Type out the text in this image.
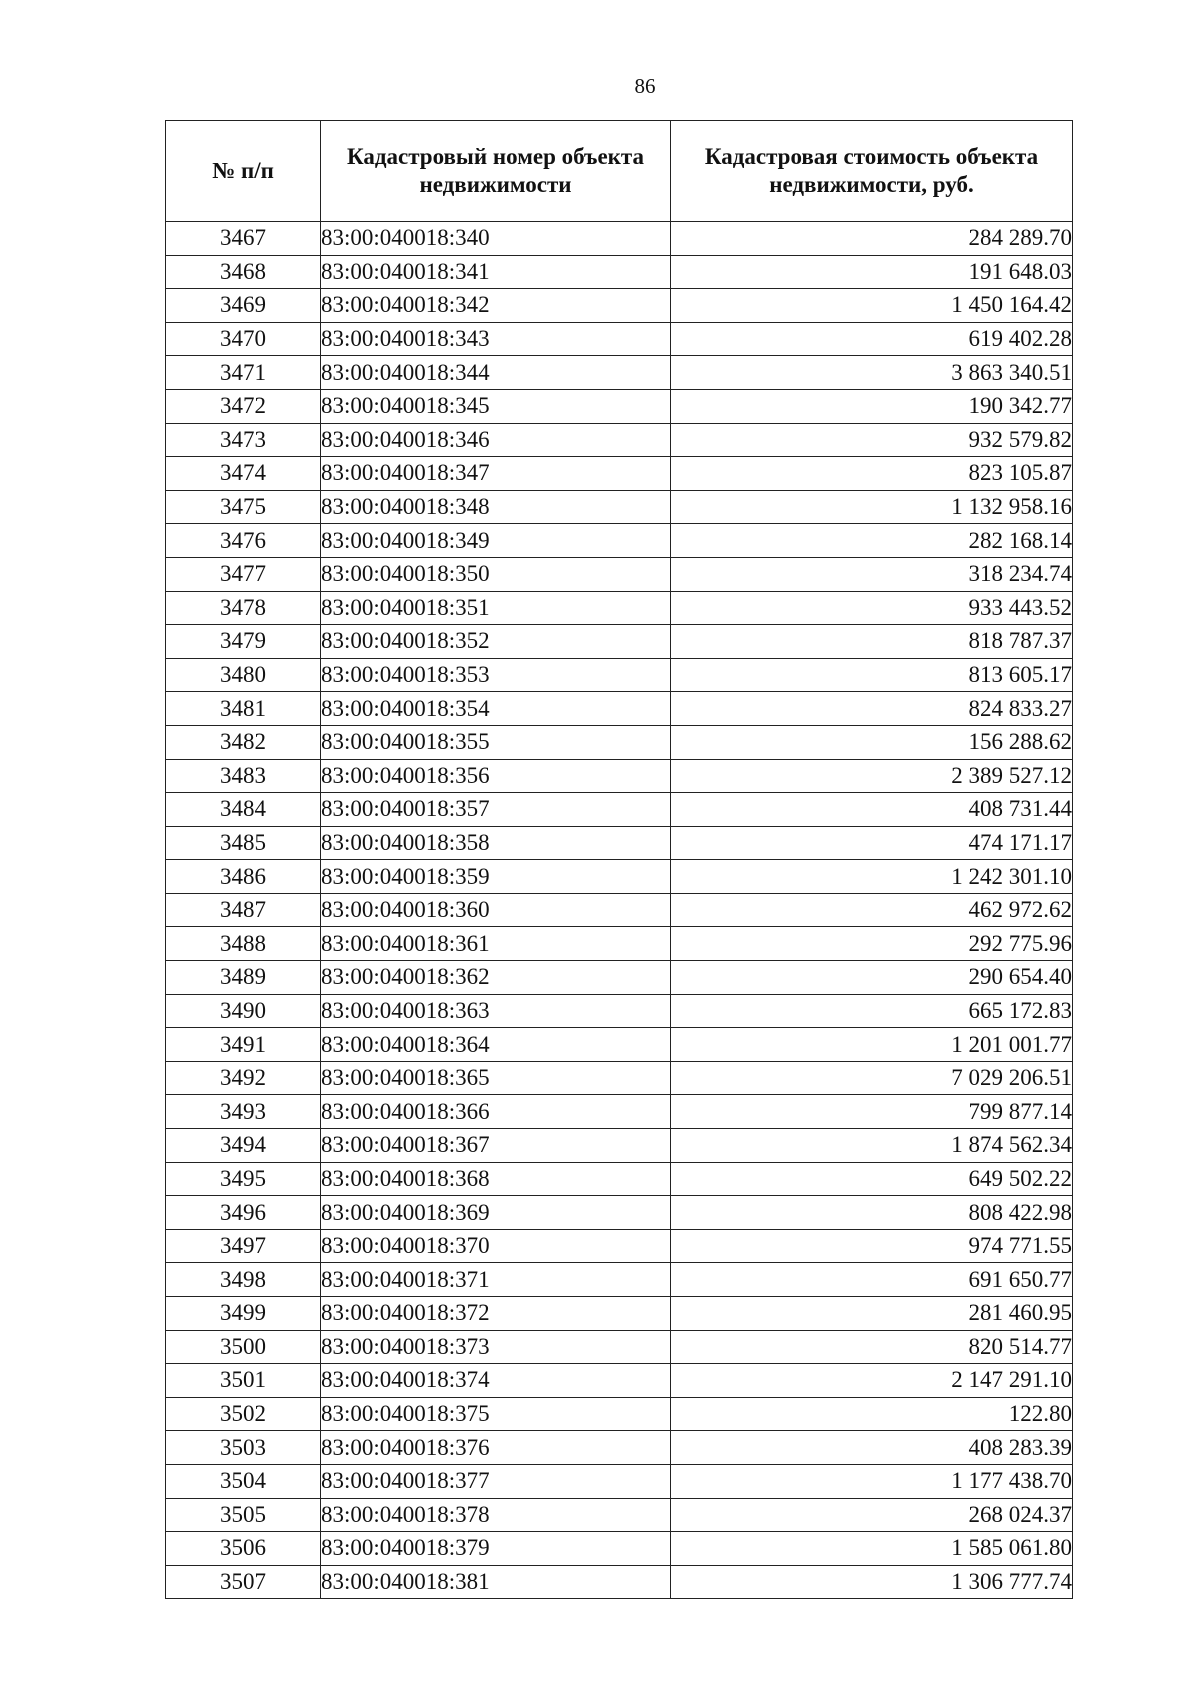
86
№ п/п	Кадастровый номер объекта недвижимости	Кадастровая стоимость объекта недвижимости, руб.
3467	83:00:040018:340	284 289.70
3468	83:00:040018:341	191 648.03
3469	83:00:040018:342	1 450 164.42
3470	83:00:040018:343	619 402.28
3471	83:00:040018:344	3 863 340.51
3472	83:00:040018:345	190 342.77
3473	83:00:040018:346	932 579.82
3474	83:00:040018:347	823 105.87
3475	83:00:040018:348	1 132 958.16
3476	83:00:040018:349	282 168.14
3477	83:00:040018:350	318 234.74
3478	83:00:040018:351	933 443.52
3479	83:00:040018:352	818 787.37
3480	83:00:040018:353	813 605.17
3481	83:00:040018:354	824 833.27
3482	83:00:040018:355	156 288.62
3483	83:00:040018:356	2 389 527.12
3484	83:00:040018:357	408 731.44
3485	83:00:040018:358	474 171.17
3486	83:00:040018:359	1 242 301.10
3487	83:00:040018:360	462 972.62
3488	83:00:040018:361	292 775.96
3489	83:00:040018:362	290 654.40
3490	83:00:040018:363	665 172.83
3491	83:00:040018:364	1 201 001.77
3492	83:00:040018:365	7 029 206.51
3493	83:00:040018:366	799 877.14
3494	83:00:040018:367	1 874 562.34
3495	83:00:040018:368	649 502.22
3496	83:00:040018:369	808 422.98
3497	83:00:040018:370	974 771.55
3498	83:00:040018:371	691 650.77
3499	83:00:040018:372	281 460.95
3500	83:00:040018:373	820 514.77
3501	83:00:040018:374	2 147 291.10
3502	83:00:040018:375	122.80
3503	83:00:040018:376	408 283.39
3504	83:00:040018:377	1 177 438.70
3505	83:00:040018:378	268 024.37
3506	83:00:040018:379	1 585 061.80
3507	83:00:040018:381	1 306 777.74
